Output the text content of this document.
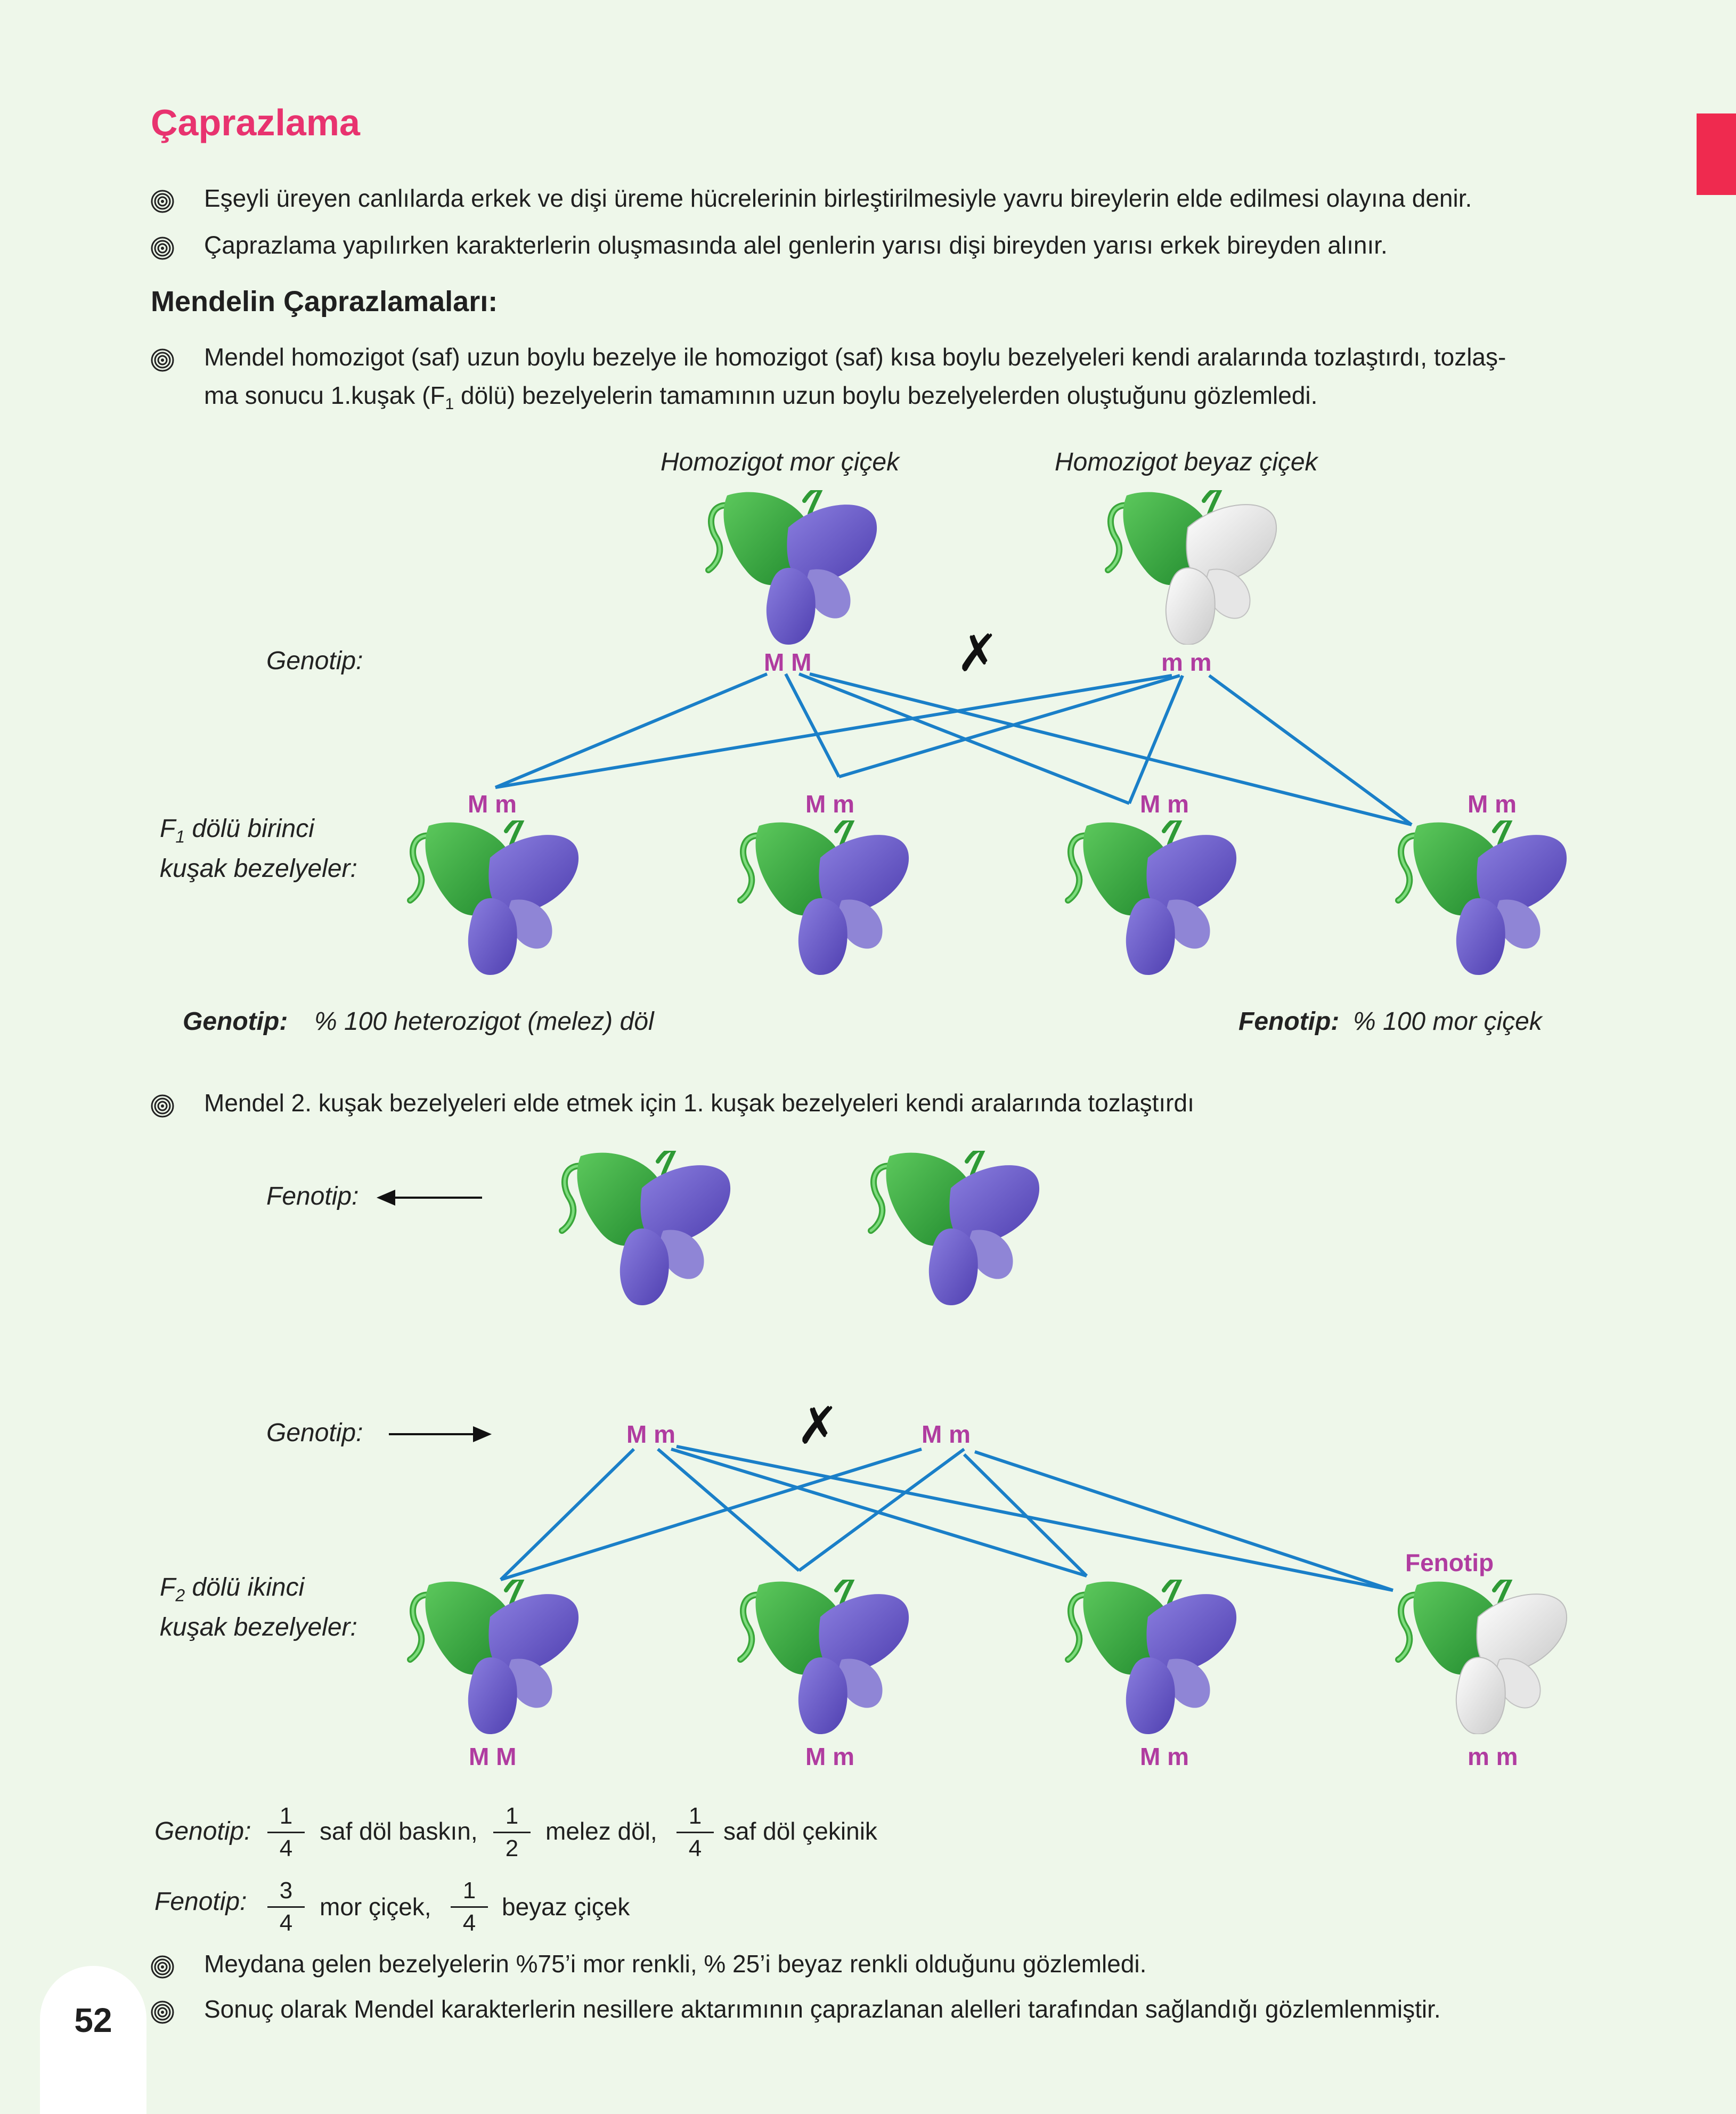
52
Çaprazlama
Eşeyli üreyen canlılarda erkek ve dişi üreme hücrelerinin birleştirilmesiyle yavru bireylerin elde edilmesi olayına denir.
Çaprazlama yapılırken karakterlerin oluşmasında alel genlerin yarısı dişi bireyden yarısı erkek bireyden alınır.
Mendelin Çaprazlamaları:
Mendel homozigot (saf) uzun boylu bezelye ile homozigot (saf) kısa boylu bezelyeleri kendi aralarında tozlaştırdı, tozlaş-
ma sonucu 1.kuşak ($F_1$ dölü) bezelyelerin tamamının uzun boylu bezelyelerden oluştuğunu gözlemledi.
Homozigot mor çiçek	Homozigot beyaz çiçek
Genotip:	M M	m m
✗
$F_1$ dölü birinci
kuşak bezelyeler:
M m	M m	M m	M m
Genotip: % 100 heterozigot (melez) döl	Fenotip: % 100 mor çiçek
Mendel 2. kuşak bezelyeleri elde etmek için 1. kuşak bezelyeleri kendi aralarında tozlaştırdı
Fenotip:
Genotip:	M m	M m
✗
$F_2$ dölü ikinci
kuşak bezelyeler:
Fenotip
M M	M m	M m	m m
Genotip: $\frac{1}{4}$ saf döl baskın, $\frac{1}{2}$ melez döl, $\frac{1}{4}$ saf döl çekinik
Fenotip: $\frac{3}{4}$ mor çiçek, $\frac{1}{4}$ beyaz çiçek
Meydana gelen bezelyelerin %75’i mor renkli, % 25’i beyaz renkli olduğunu gözlemledi.
Sonuç olarak Mendel karakterlerin nesillere aktarımının çaprazlanan alelleri tarafından sağlandığı gözlemlenmiştir.
